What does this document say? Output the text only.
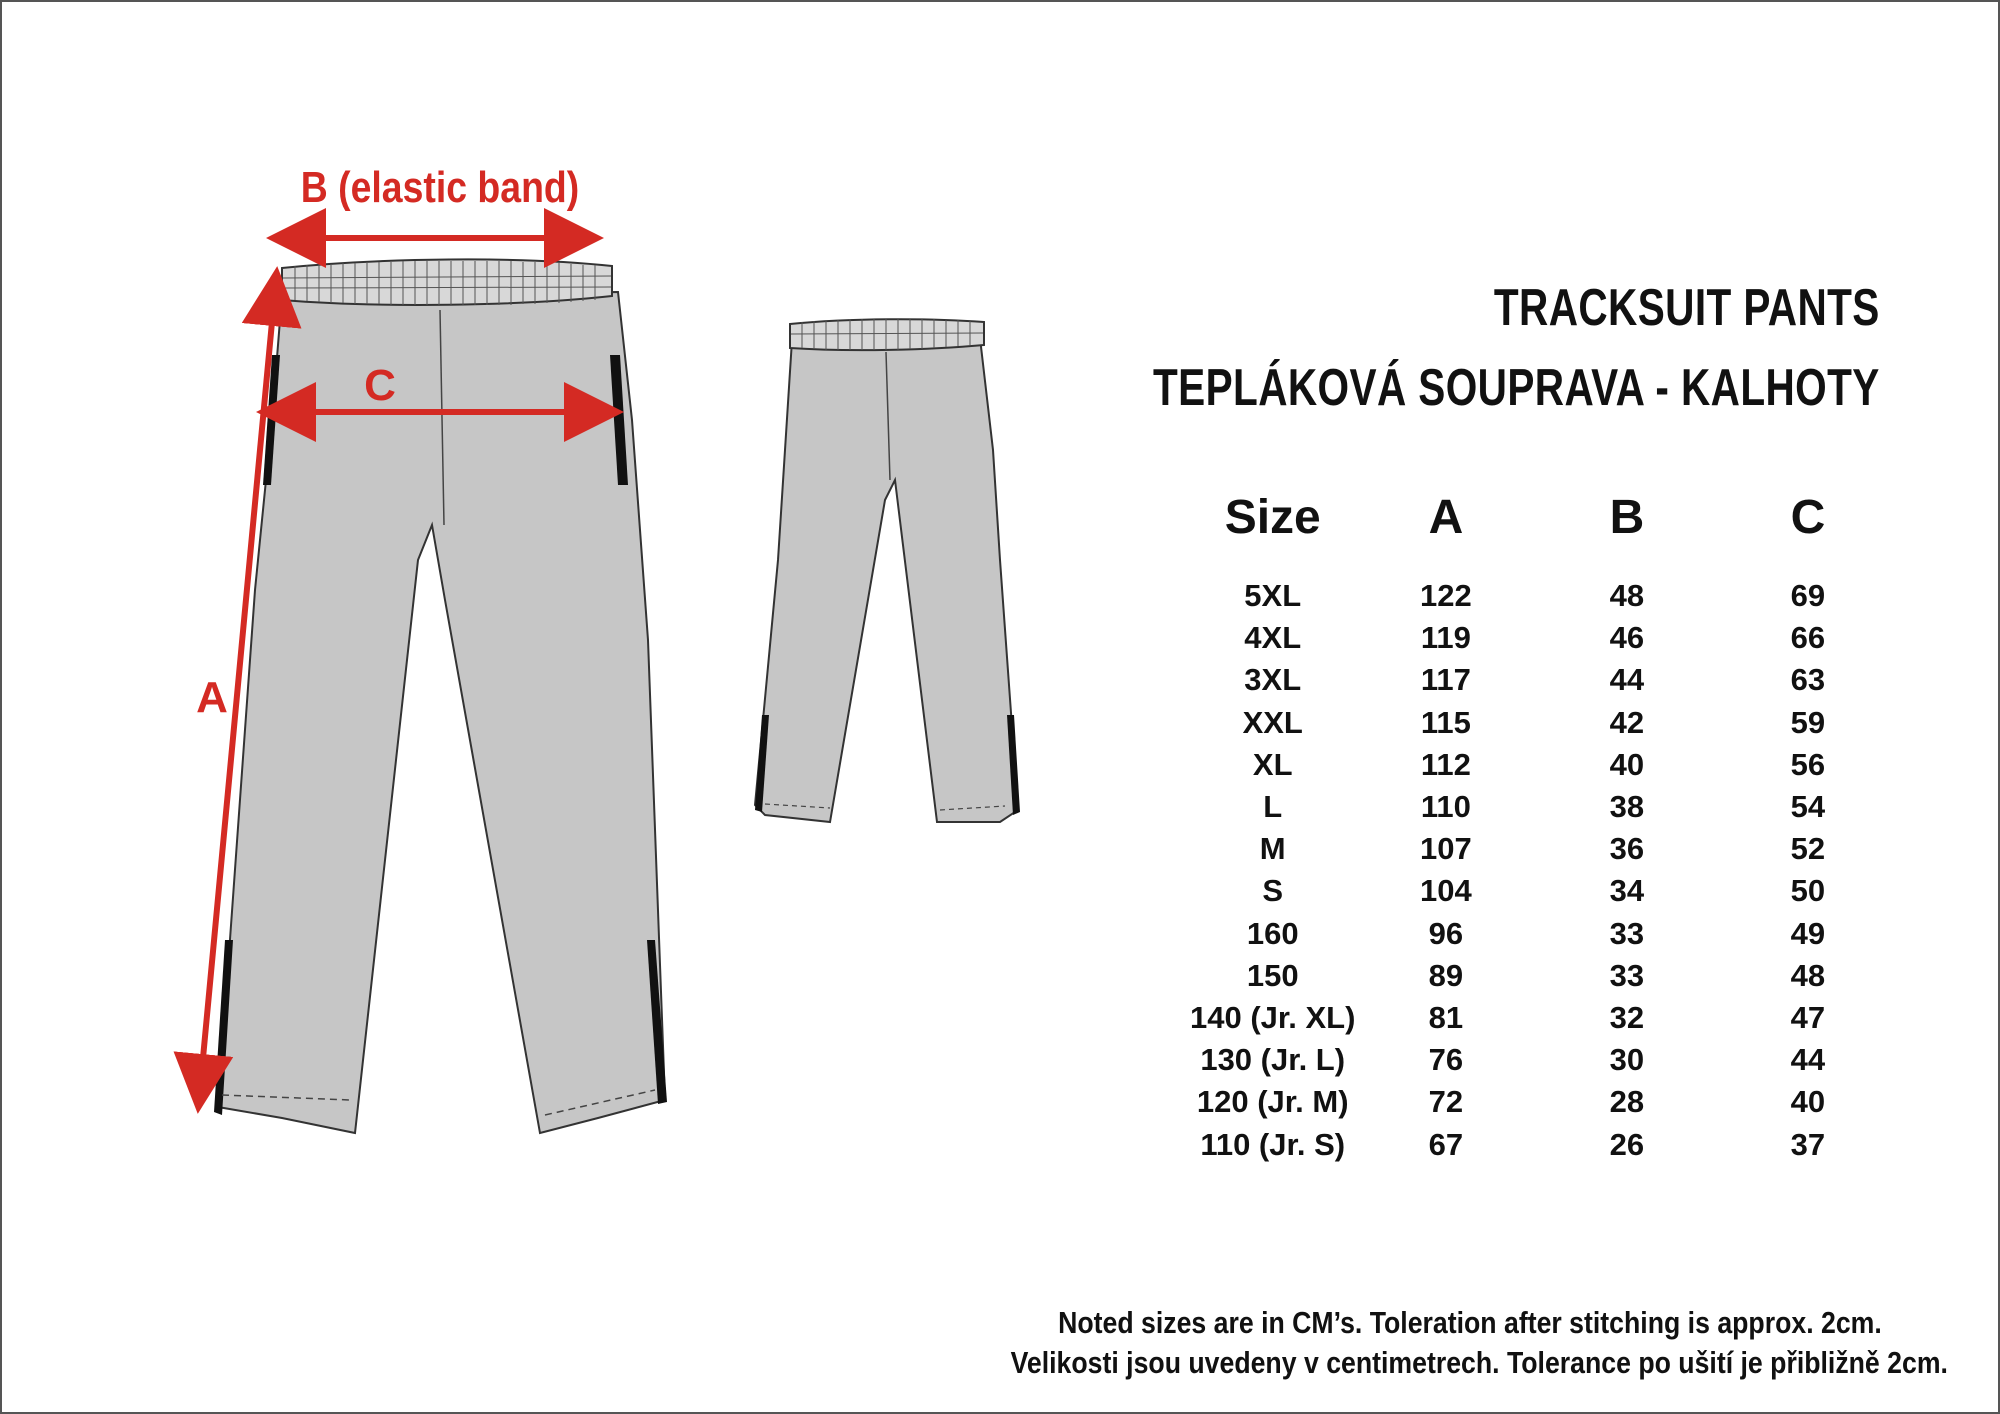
A
B (elastic band)
C
TRACKSUIT PANTS
TEPLÁKOVÁ SOUPRAVA - KALHOTY
Size	A	B	C
5XL	122	48	69
4XL	119	46	66
3XL	117	44	63
XXL	115	42	59
XL	112	40	56
L	110	38	54
M	107	36	52
S	104	34	50
160	96	33	49
150	89	33	48
140 (Jr. XL)	81	32	47
130 (Jr. L)	76	30	44
120 (Jr. M)	72	28	40
110 (Jr. S)	67	26	37
Noted sizes are in CM’s. Toleration after stitching is approx. 2cm.
Velikosti jsou uvedeny v centimetrech. Tolerance po ušití je přibližně 2cm.
